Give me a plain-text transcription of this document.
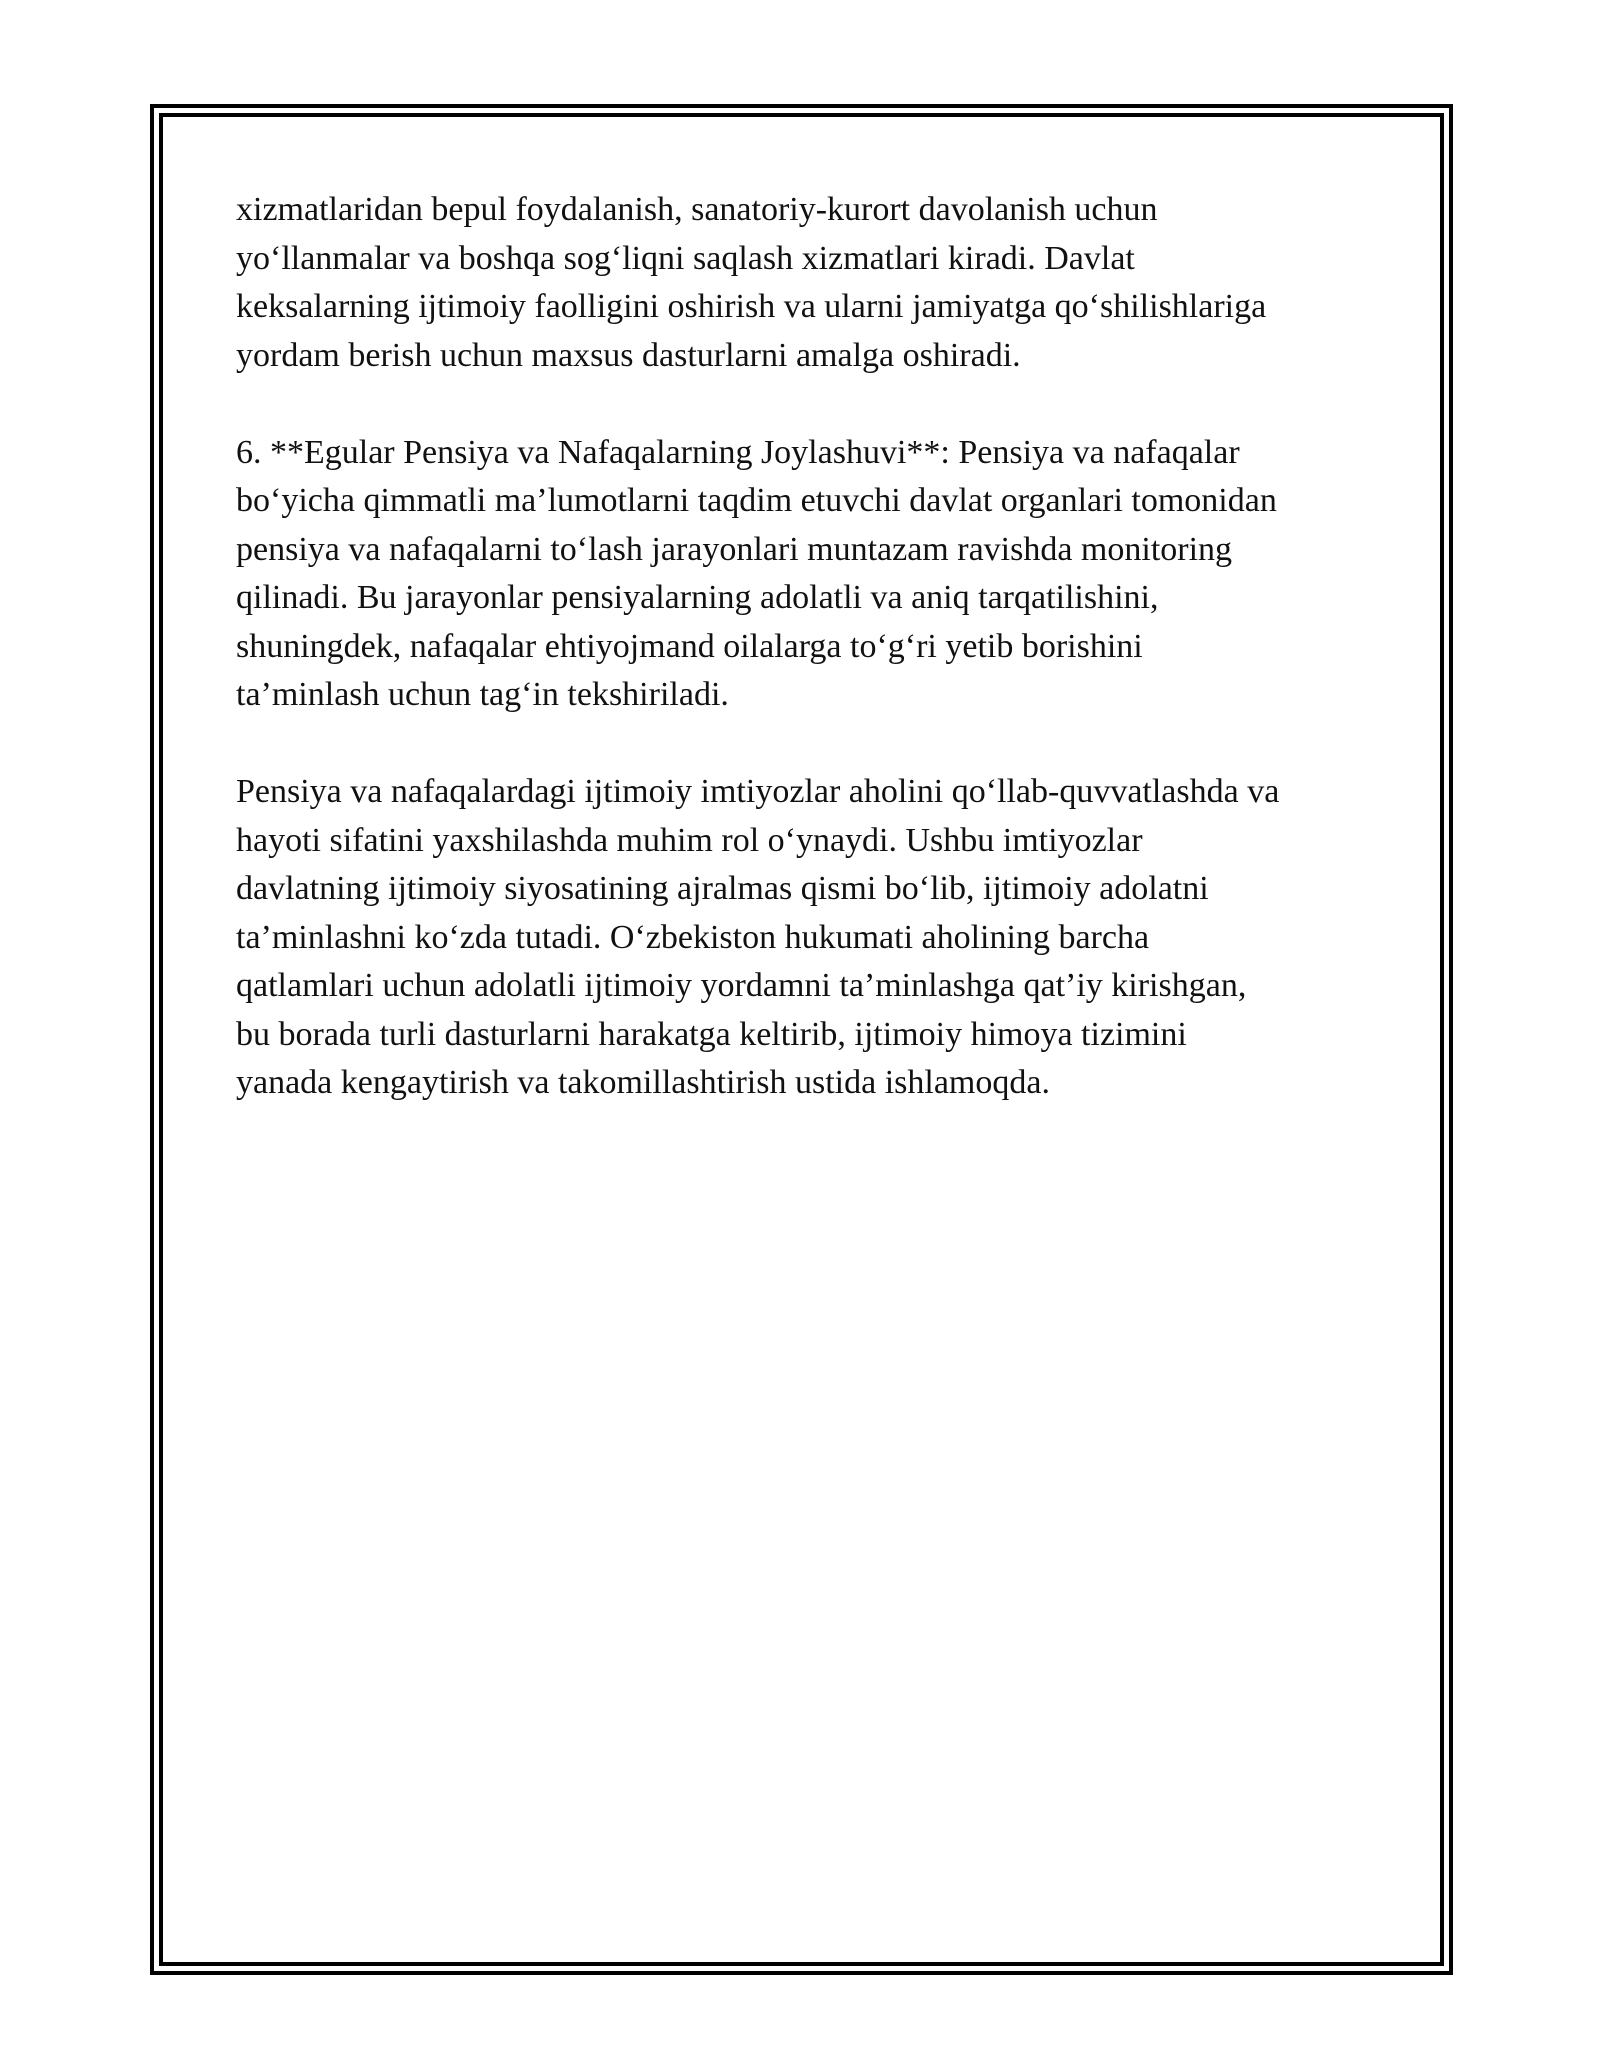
xizmatlaridan bepul foydalanish, sanatoriy-kurort davolanish uchun
yo‘llanmalar va boshqa sog‘liqni saqlash xizmatlari kiradi. Davlat
keksalarning ijtimoiy faolligini oshirish va ularni jamiyatga qo‘shilishlariga
yordam berish uchun maxsus dasturlarni amalga oshiradi.
6. **Egular Pensiya va Nafaqalarning Joylashuvi**: Pensiya va nafaqalar
bo‘yicha qimmatli ma’lumotlarni taqdim etuvchi davlat organlari tomonidan
pensiya va nafaqalarni to‘lash jarayonlari muntazam ravishda monitoring
qilinadi. Bu jarayonlar pensiyalarning adolatli va aniq tarqatilishini,
shuningdek, nafaqalar ehtiyojmand oilalarga to‘g‘ri yetib borishini
ta’minlash uchun tag‘in tekshiriladi.
Pensiya va nafaqalardagi ijtimoiy imtiyozlar aholini qo‘llab-quvvatlashda va
hayoti sifatini yaxshilashda muhim rol o‘ynaydi. Ushbu imtiyozlar
davlatning ijtimoiy siyosatining ajralmas qismi bo‘lib, ijtimoiy adolatni
ta’minlashni ko‘zda tutadi. O‘zbekiston hukumati aholining barcha
qatlamlari uchun adolatli ijtimoiy yordamni ta’minlashga qat’iy kirishgan,
bu borada turli dasturlarni harakatga keltirib, ijtimoiy himoya tizimini
yanada kengaytirish va takomillashtirish ustida ishlamoqda.
